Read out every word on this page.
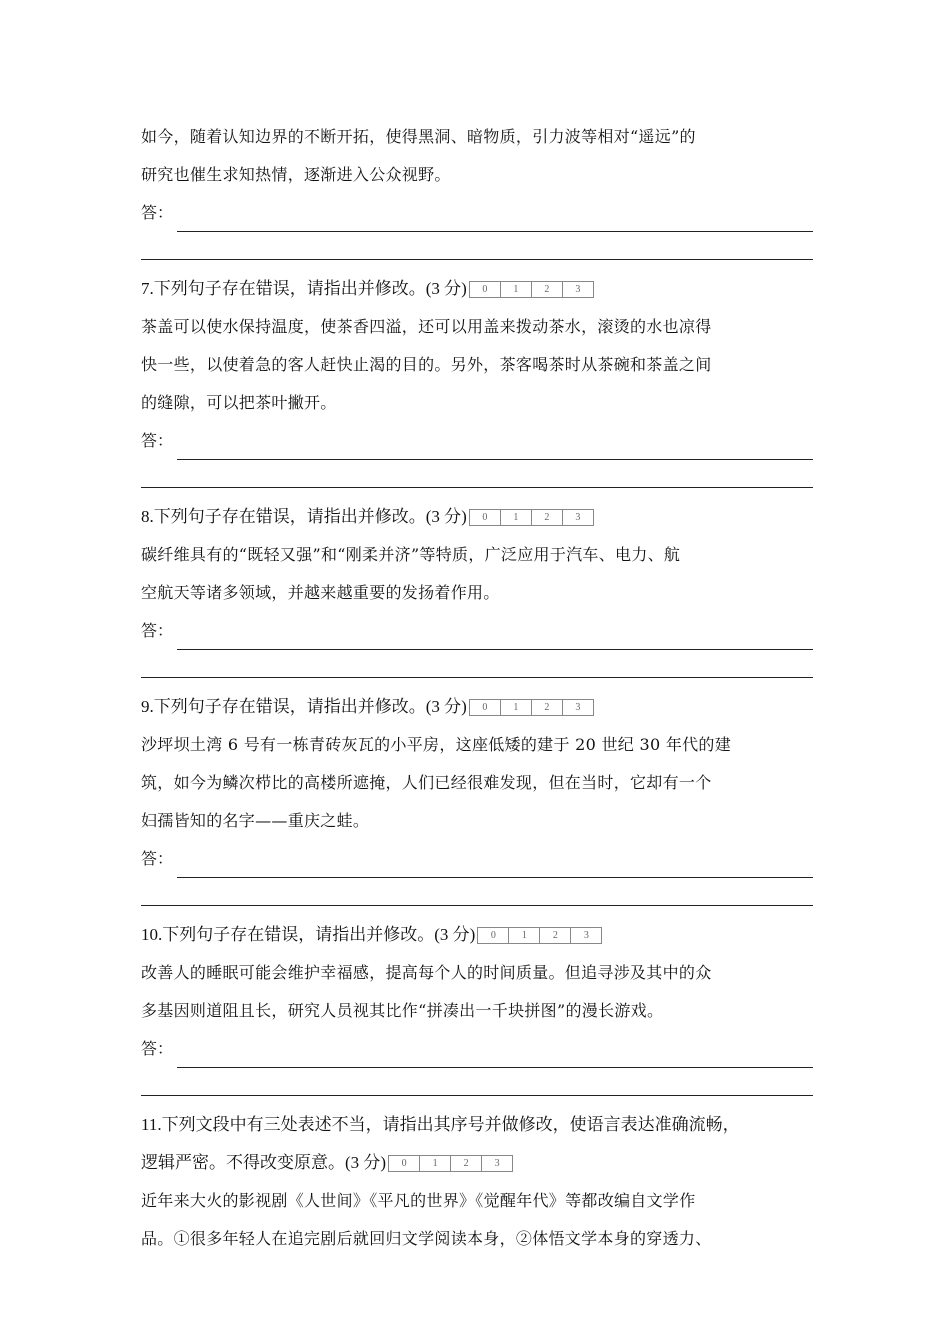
如今，随着认知边界的不断开拓，使得黑洞、暗物质，引力波等相对“遥远”的
研究也催生求知热情，逐渐进入公众视野。
答：
7.下列句子存在错误，请指出并修改。(3 分)	0	1	2	3
茶盖可以使水保持温度，使茶香四溢，还可以用盖来拨动茶水，滚烫的水也凉得
快一些，以使着急的客人赶快止渴的目的。另外，茶客喝茶时从茶碗和茶盖之间
的缝隙，可以把茶叶撇开。
答：
8.下列句子存在错误，请指出并修改。(3 分)	0	1	2	3
碳纤维具有的“既轻又强”和“刚柔并济”等特质，广泛应用于汽车、电力、航
空航天等诸多领域，并越来越重要的发扬着作用。
答：
9.下列句子存在错误，请指出并修改。(3 分)	0	1	2	3
沙坪坝土湾 6 号有一栋青砖灰瓦的小平房，这座低矮的建于 20 世纪 30 年代的建
筑，如今为鳞次栉比的高楼所遮掩，人们已经很难发现，但在当时，它却有一个
妇孺皆知的名字——重庆之蛙。
答：
10.下列句子存在错误，请指出并修改。(3 分)	0	1	2	3
改善人的睡眠可能会维护幸福感，提高每个人的时间质量。但追寻涉及其中的众
多基因则道阻且长，研究人员视其比作“拼凑出一千块拼图”的漫长游戏。
答：
11.下列文段中有三处表述不当，请指出其序号并做修改，使语言表达准确流畅，
逻辑严密。不得改变原意。(3 分)	0	1	2	3
近年来大火的影视剧《人世间》《平凡的世界》《觉醒年代》等都改编自文学作
品。①很多年轻人在追完剧后就回归文学阅读本身，②体悟文学本身的穿透力、
